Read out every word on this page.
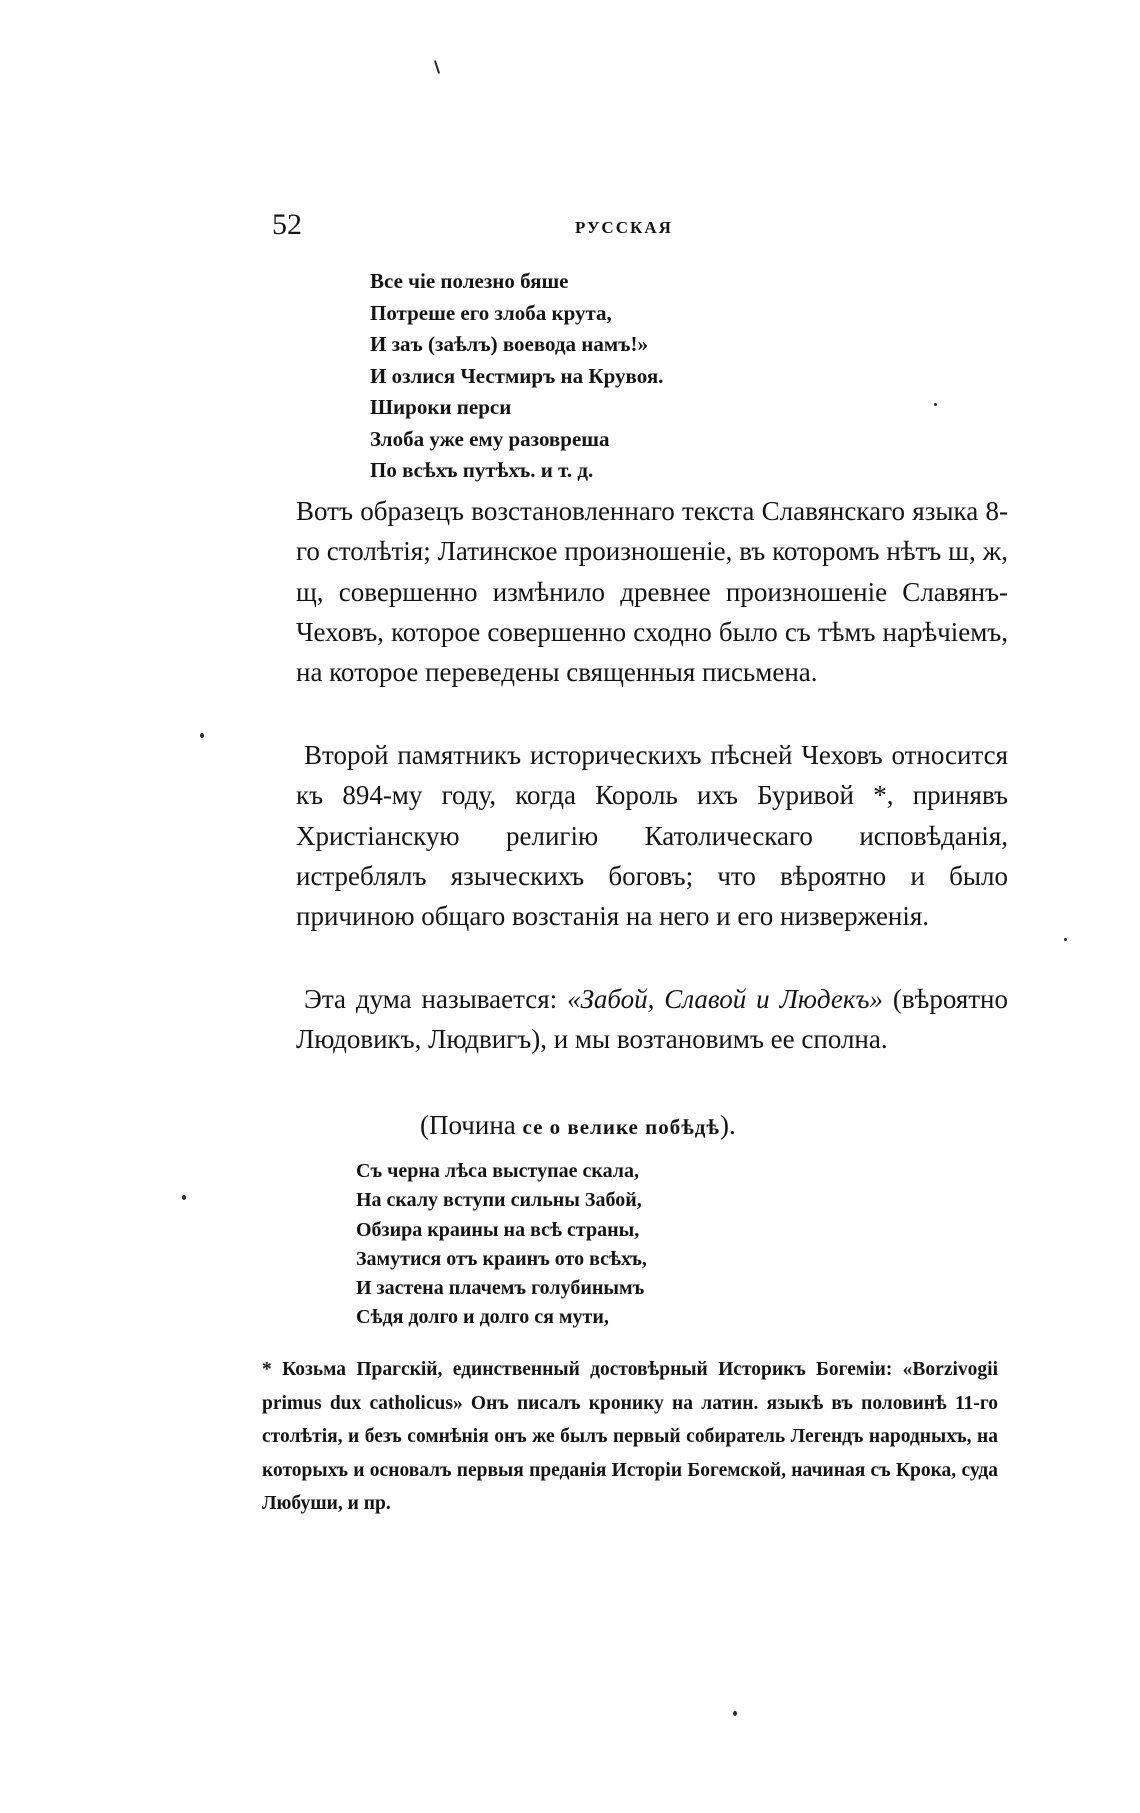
52	РУССКАЯ
Все чіе полезно бяше
Потреше его злоба крута,
И заъ (заѣлъ) воевода намъ!»
И озлися Честмиръ на Крувоя.
Широки перси
Злоба уже ему разовреша
По всѣхъ путѣхъ. и т. д.

Вотъ образецъ возстановленнаго текста Славянскаго языка 8-го столѣтія; Латинское произношеніе, въ которомъ нѣтъ ш, ж, щ, совершенно измѣнило древнее произношеніе Славянъ-Чеховъ, которое совершенно сходно было съ тѣмъ нарѣчіемъ, на которое переведены священныя письмена.

Второй памятникъ историческихъ пѣсней Чеховъ относится къ 894-му году, когда Король ихъ Буривой *, принявъ Христіанскую религію Католическаго исповѣданія, истреблялъ языческихъ боговъ; что вѣроятно и было причиною общаго возстанія на него и его низверженія.

Эта дума называется: «Забой, Славой и Людекъ» (вѣроятно Людовикъ, Людвигъ), и мы возтановимъ ее сполна.

(Почина се о велике побѣдѣ).
Съ черна лѣса выступае скала,
На скалу вступи сильны Забой,
Обзира краины на всѣ страны,
Замутися отъ краинъ ото всѣхъ,
И застена плачемъ голубинымъ
Сѣдя долго и долго ся мути,

* Козьма Прагскій, единственный достовѣрный Историкъ Богеміи: «Borzivogii primus dux catholicus» Онъ писалъ кронику на латин. языкѣ въ половинѣ 11-го столѣтія, и безъ сомнѣнія онъ же былъ первый собиратель Легендъ народныхъ, на которыхъ и основалъ первыя преданія Исторіи Богемской, начиная съ Крока, суда Любуши, и пр.
